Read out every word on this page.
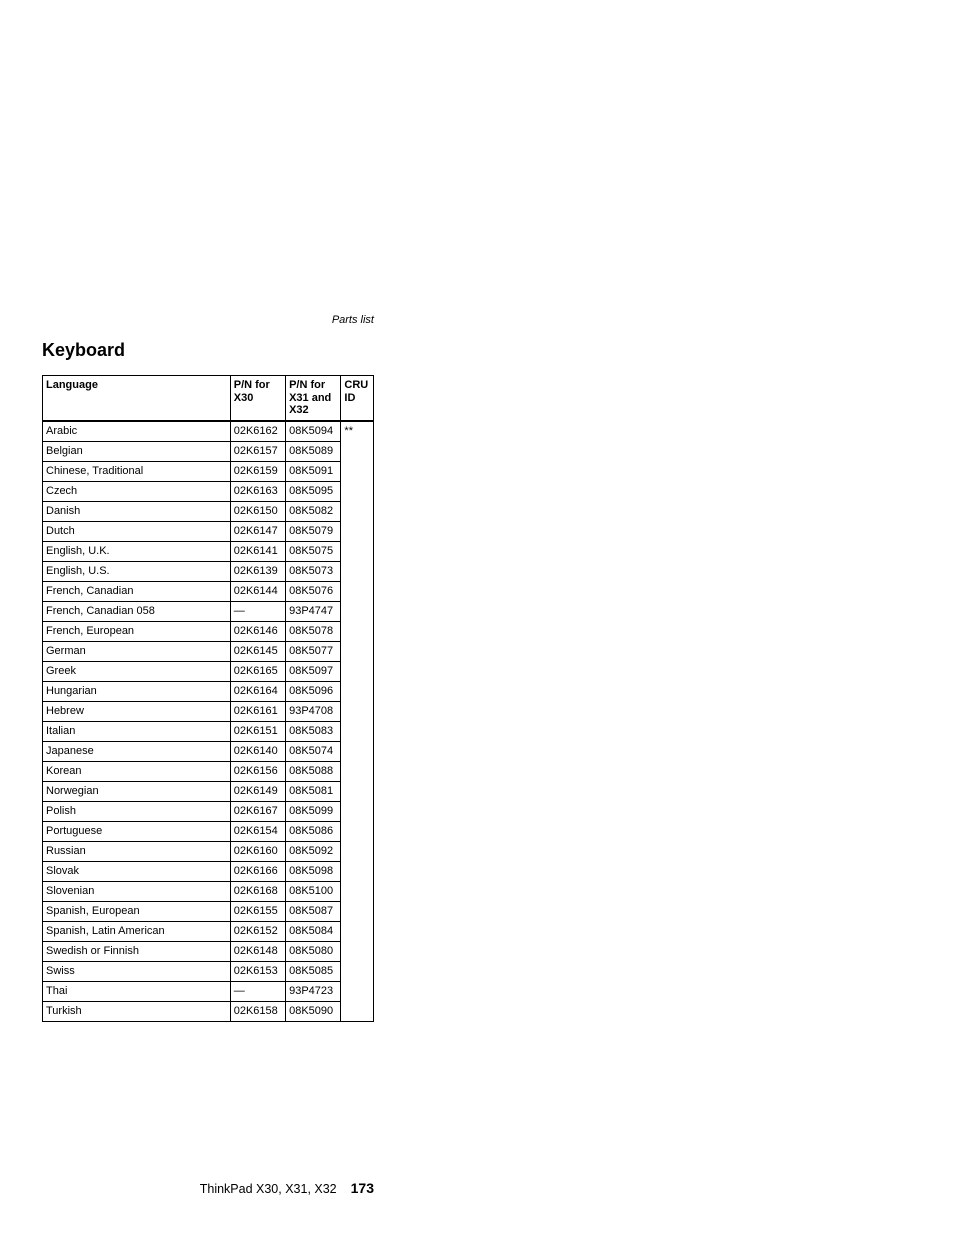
Parts list
Keyboard
Language	P/N for X30	P/N for X31 and X32	CRU ID
Arabic	02K6162	08K5094	**
Belgian	02K6157	08K5089	
Chinese, Traditional	02K6159	08K5091	
Czech	02K6163	08K5095	
Danish	02K6150	08K5082	
Dutch	02K6147	08K5079	
English, U.K.	02K6141	08K5075	
English, U.S.	02K6139	08K5073	
French, Canadian	02K6144	08K5076	
French, Canadian 058	—	93P4747	
French, European	02K6146	08K5078	
German	02K6145	08K5077	
Greek	02K6165	08K5097	
Hungarian	02K6164	08K5096	
Hebrew	02K6161	93P4708	
Italian	02K6151	08K5083	
Japanese	02K6140	08K5074	
Korean	02K6156	08K5088	
Norwegian	02K6149	08K5081	
Polish	02K6167	08K5099	
Portuguese	02K6154	08K5086	
Russian	02K6160	08K5092	
Slovak	02K6166	08K5098	
Slovenian	02K6168	08K5100	
Spanish, European	02K6155	08K5087	
Spanish, Latin American	02K6152	08K5084	
Swedish or Finnish	02K6148	08K5080	
Swiss	02K6153	08K5085	
Thai	—	93P4723	
Turkish	02K6158	08K5090	
ThinkPad X30, X31, X32 173
